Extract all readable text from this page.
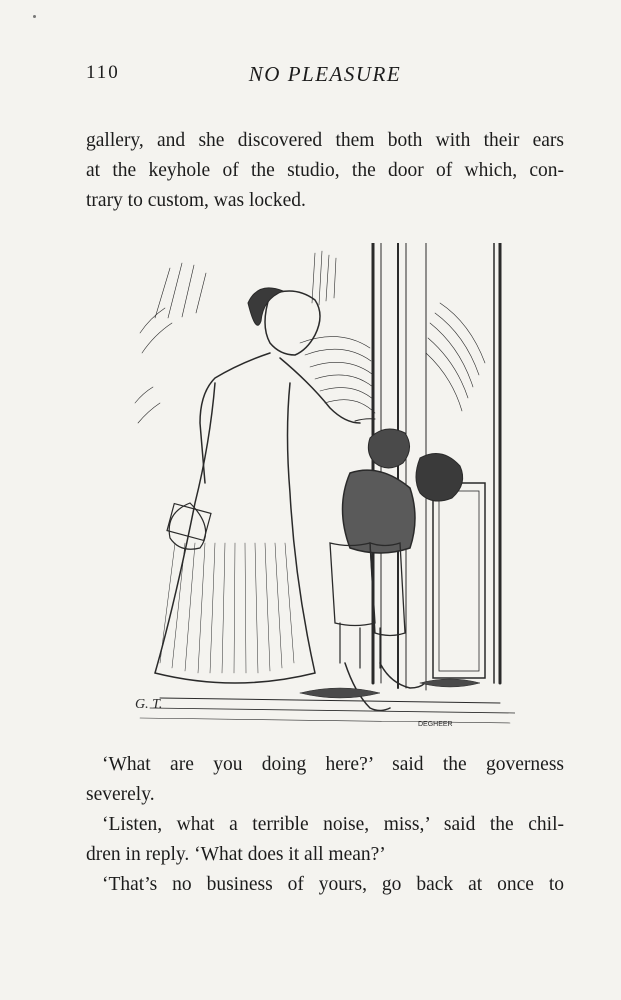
110	NO PLEASURE
gallery, and she discovered them both with their ears
at the keyhole of the studio, the door of which, con-
trary to custom, was locked.
G. T.
DEGHEER
‘What are you doing here?’ said the governess
severely.
‘Listen, what a terrible noise, miss,’ said the chil-
dren in reply. ‘What does it all mean?’
‘That’s no business of yours, go back at once to
